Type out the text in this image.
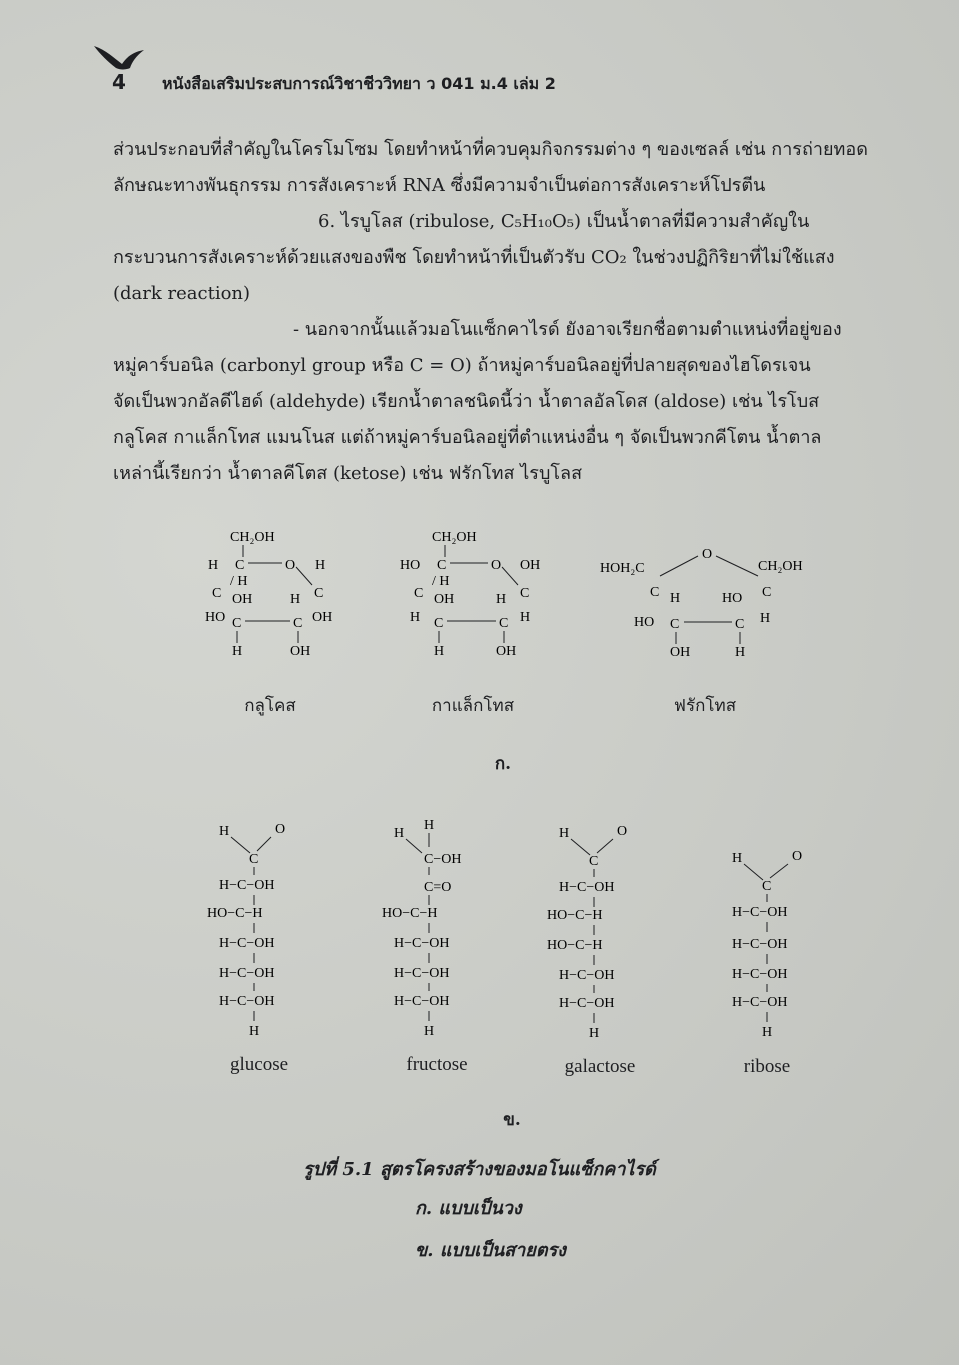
4 หนังสือเสริมประสบการณ์วิชาชีววิทยา ว 041 ม.4 เล่ม 2
ส่วนประกอบที่สำคัญในโครโมโซม โดยทำหน้าที่ควบคุมกิจกรรมต่าง ๆ ของเซลล์ เช่น การถ่ายทอด
ลักษณะทางพันธุกรรม การสังเคราะห์ RNA ซึ่งมีความจำเป็นต่อการสังเคราะห์โปรตีน
6. ไรบูโลส (ribulose, C₅H₁₀O₅) เป็นน้ำตาลที่มีความสำคัญใน
กระบวนการสังเคราะห์ด้วยแสงของพืช โดยทำหน้าที่เป็นตัวรับ CO₂ ในช่วงปฏิกิริยาที่ไม่ใช้แสง
(dark reaction)
- นอกจากนั้นแล้วมอโนแซ็กคาไรด์ ยังอาจเรียกชื่อตามตำแหน่งที่อยู่ของ
หมู่คาร์บอนิล (carbonyl group หรือ C = O) ถ้าหมู่คาร์บอนิลอยู่ที่ปลายสุดของไฮโดรเจน
จัดเป็นพวกอัลดีไฮด์ (aldehyde) เรียกน้ำตาลชนิดนี้ว่า น้ำตาลอัลโดส (aldose) เช่น ไรโบส
กลูโคส กาแล็กโทส แมนโนส แต่ถ้าหมู่คาร์บอนิลอยู่ที่ตำแหน่งอื่น ๆ จัดเป็นพวกคีโตน น้ำตาล
เหล่านี้เรียกว่า น้ำตาลคีโตส (ketose) เช่น ฟรักโทส ไรบูโลส
CH₂OH
H C	O H
/ H
C OH	H C
HO C	C OH
H	OH
CH₂OH
HO C	O OH
/ H
C OH	H C
H C	C H
H	OH
O
HOH₂C	CH₂OH
C H	HO C
HO C	C H
OH	H
กลูโคส	กาแล็กโทส	ฟรักโทส
ก.
H	O
C
H−C−OH
HO−C−H
H−C−OH
H−C−OH
H−C−OH
H
H
H
C−OH
C=O
HO−C−H
H−C−OH
H−C−OH
H−C−OH
H
H	O
C
H−C−OH
HO−C−H
HO−C−H
H−C−OH
H−C−OH
H
H	O
C
H−C−OH
H−C−OH
H−C−OH
H−C−OH
H
glucose	fructose	galactose	ribose
ข.
รูปที่ 5.1 สูตรโครงสร้างของมอโนแซ็กคาไรด์
ก. แบบเป็นวง
ข. แบบเป็นสายตรง
